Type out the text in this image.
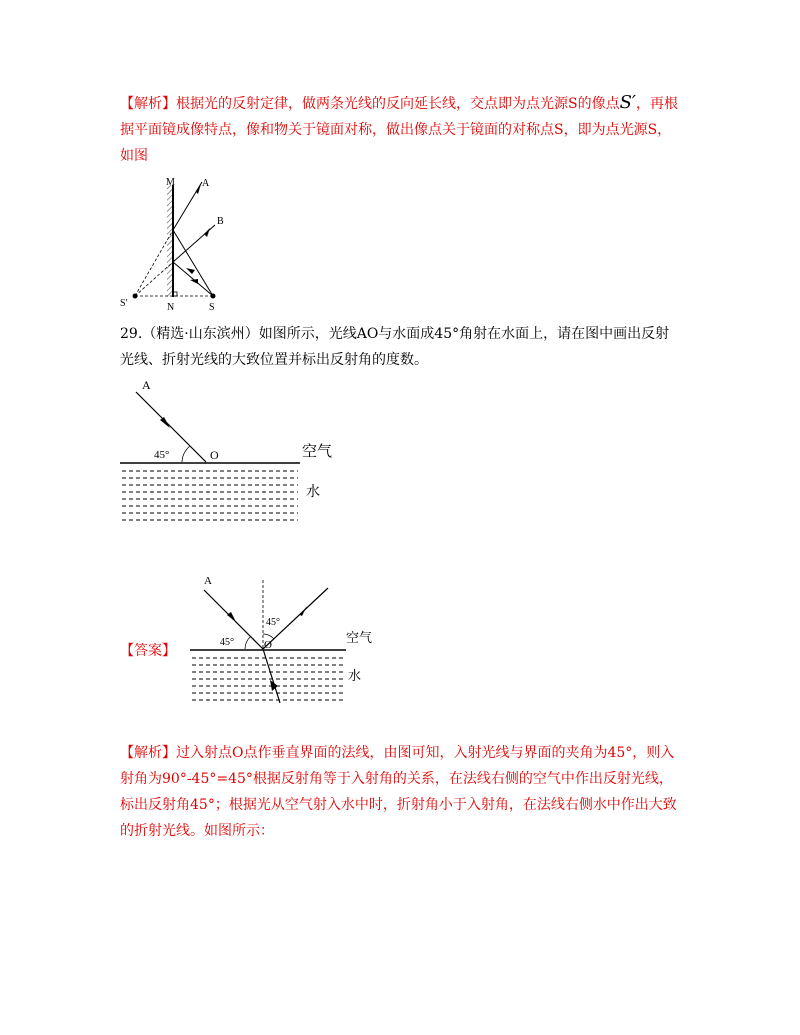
【解析】根据光的反射定律，做两条光线的反向延长线，交点即为点光源S的像点S′，再根据平面镜成像特点，像和物关于镜面对称，做出像点关于镜面的对称点S，即为点光源S，如图

M	A
B
N	S
S′

29.（精选·山东滨州）如图所示，光线AO与水面成45°角射在水面上，请在图中画出反射光线、折射光线的大致位置并标出反射角的度数。

A
45°	O	空气
水
【答案】
A
45°
45°
O	空气
水

【解析】过入射点O点作垂直界面的法线，由图可知，入射光线与界面的夹角为45°，则入射角为90°-45°=45°根据反射角等于入射角的关系，在法线右侧的空气中作出反射光线，标出反射角45°；根据光从空气射入水中时，折射角小于入射角，在法线右侧水中作出大致的折射光线。如图所示：
